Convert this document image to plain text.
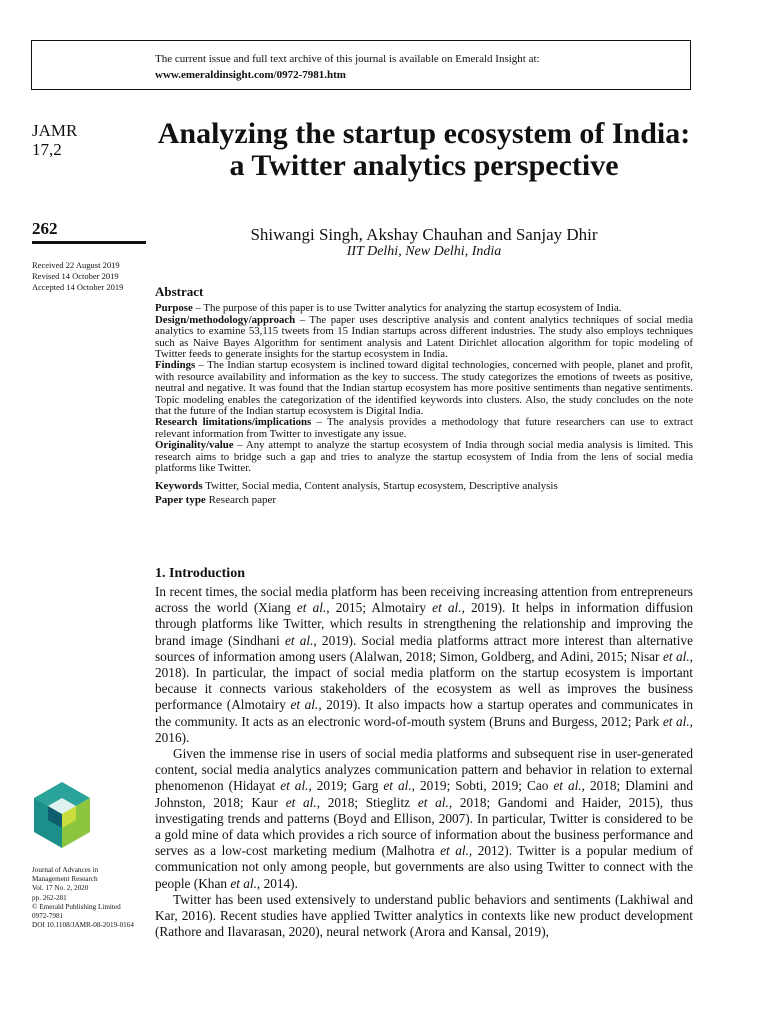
The current issue and full text archive of this journal is available on Emerald Insight at:
www.emeraldinsight.com/0972-7981.htm
JAMR
17,2
262
Received 22 August 2019
Revised 14 October 2019
Accepted 14 October 2019
Analyzing the startup ecosystem of India: a Twitter analytics perspective
Shiwangi Singh, Akshay Chauhan and Sanjay Dhir
IIT Delhi, New Delhi, India
Abstract

Purpose – The purpose of this paper is to use Twitter analytics for analyzing the startup ecosystem of India.

Design/methodology/approach – The paper uses descriptive analysis and content analytics techniques of social media analytics to examine 53,115 tweets from 15 Indian startups across different industries. The study also employs techniques such as Naive Bayes Algorithm for sentiment analysis and Latent Dirichlet allocation algorithm for topic modeling of Twitter feeds to generate insights for the startup ecosystem in India.

Findings – The Indian startup ecosystem is inclined toward digital technologies, concerned with people, planet and profit, with resource availability and information as the key to success. The study categorizes the emotions of tweets as positive, neutral and negative. It was found that the Indian startup ecosystem has more positive sentiments than negative sentiments. Topic modeling enables the categorization of the identified keywords into clusters. Also, the study concludes on the note that the future of the Indian startup ecosystem is Digital India.

Research limitations/implications – The analysis provides a methodology that future researchers can use to extract relevant information from Twitter to investigate any issue.

Originality/value – Any attempt to analyze the startup ecosystem of India through social media analysis is limited. This research aims to bridge such a gap and tries to analyze the startup ecosystem of India from the lens of social media platforms like Twitter.

Keywords Twitter, Social media, Content analysis, Startup ecosystem, Descriptive analysis

Paper type Research paper

1. Introduction

In recent times, the social media platform has been receiving increasing attention from entrepreneurs across the world (Xiang et al., 2015; Almotairy et al., 2019). It helps in information diffusion through platforms like Twitter, which results in strengthening the relationship and improving the brand image (Sindhani et al., 2019). Social media platforms attract more interest than alternative sources of information among users (Alalwan, 2018; Simon, Goldberg, and Adini, 2015; Nisar et al., 2018). In particular, the impact of social media platform on the startup ecosystem is important because it connects various stakeholders of the ecosystem as well as improves the business performance (Almotairy et al., 2019). It also impacts how a startup operates and communicates in the community. It acts as an electronic word-of-mouth system (Bruns and Burgess, 2012; Park et al., 2016).

Given the immense rise in users of social media platforms and subsequent rise in user-generated content, social media analytics analyzes communication pattern and behavior in relation to external phenomenon (Hidayat et al., 2019; Garg et al., 2019; Sobti, 2019; Cao et al., 2018; Dlamini and Johnston, 2018; Kaur et al., 2018; Stieglitz et al., 2018; Gandomi and Haider, 2015), thus investigating trends and patterns (Boyd and Ellison, 2007). In particular, Twitter is considered to be a gold mine of data which provides a rich source of information about the business performance and serves as a low-cost marketing medium (Malhotra et al., 2012). Twitter is a popular medium of communication not only among people, but governments are also using Twitter to connect with the people (Khan et al., 2014).

Twitter has been used extensively to understand public behaviors and sentiments (Lakhiwal and Kar, 2016). Recent studies have applied Twitter analytics in contexts like new product development (Rathore and Ilavarasan, 2020), neural network (Arora and Kansal, 2019),

Journal of Advances in
Management Research
Vol. 17 No. 2, 2020
pp. 262-281
© Emerald Publishing Limited
0972-7981
DOI 10.1108/JAMR-08-2019-0164
